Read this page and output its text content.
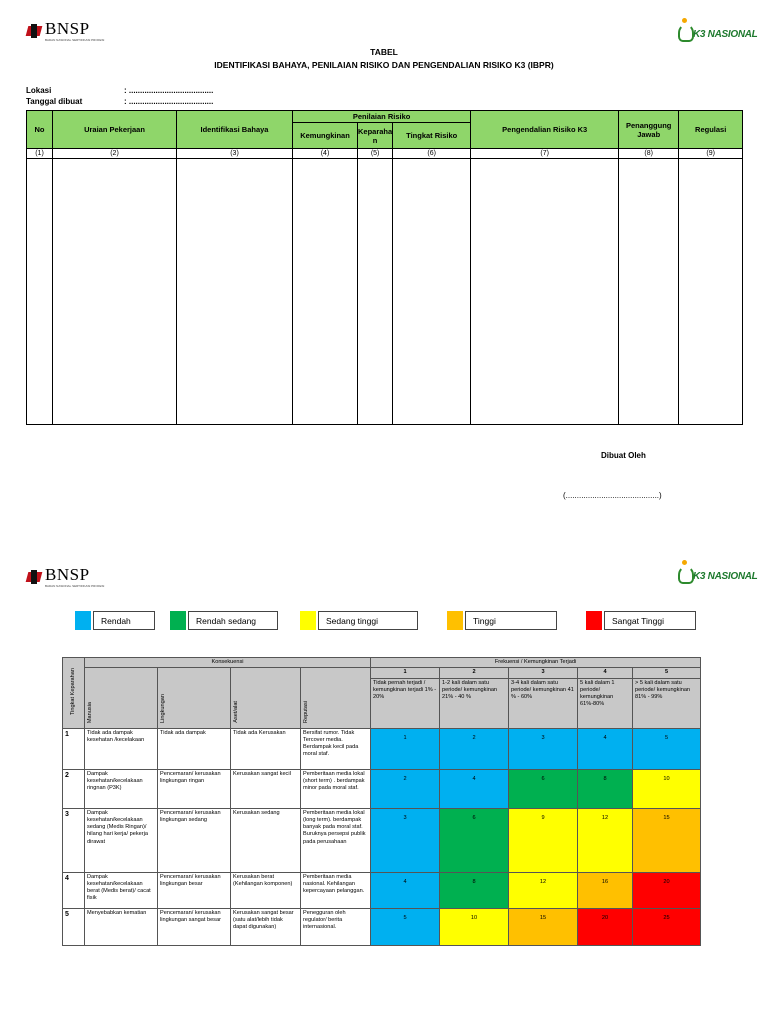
BNSP
BADAN NASIONAL SERTIFIKASI PROFESI	K3 NASIONAL
TABEL
IDENTIFIKASI BAHAYA, PENILAIAN RISIKO DAN PENGENDALIAN RISIKO K3 (IBPR)
Lokasi	: ......................................
Tanggal dibuat	: ......................................
No	Uraian Pekerjaan	Identifikasi Bahaya	Penilaian Risiko			Pengendalian Risiko K3	Penanggung Jawab	Regulasi
			Kemungkinan	Keparaha n	Tingkat Risiko			
(1)	(2)	(3)	(4)	(5)	(6)	(7)	(8)	(9)

Dibuat Oleh
(..........................................)
BNSP
BADAN NASIONAL SERTIFIKASI PROFESI
K3 NASIONAL
Rendah	Rendah sedang	Sedang tinggi	Tinggi	Sangat Tinggi
Tingkat Keparahan	Konsekuensi				Frekuensi / Kemungkinan Terjadi				
	Manusia	Lingkungan	Aset/alat	Reputasi	1	2	3	4	5
					Tidak pernah terjadi / kemungkinan terjadi 1% - 20%	1-2 kali dalam satu periode/ kemungkinan 21% - 40 %	3-4 kali dalam satu periode/ kemungkinan 41 % - 60%	5 kali dalam 1 periode/ kemungkinan 61%-80%	> 5 kali dalam satu periode/ kemungkinan 81% - 99%
1	Tidak ada dampak kesehatan /kecelakaan	Tidak ada dampak	Tidak ada Kerusakan	Bersifat rumor. Tidak Tercover media. Berdampak kecil pada moral staf.	1	2	3	4	5
2	Dampak kesehatan/kecelakaan ringnan (P3K)	Pencemaran/ kerusakan lingkungan ringan	Kerusakan sangat kecil	Pemberitaan media lokal (short term) . berdampak minor pada moral staf.	2	4	6	8	10
3	Dampak kesehatan/kecelakaan sedang (Medis Ringan)/ hilang hari kerja/ pekerja dirawat	Pencemaran/ kerusakan lingkungan sedang	Kerusakan sedang	Pemberitaan media lokal (long term). berdampak banyak pada moral staf. Buruknya persepsi publik pada perusahaan	3	6	9	12	15
4	Dampak kesehatan/kecelakaan berat (Medis berat)/ cacat fisik	Pencemaran/ kerusakan lingkungan besar	Kerusakan berat (Kehilangan komponen)	Pemberitaan media nasional. Kehilangan kepercayaan pelanggan.	4	8	12	16	20
5	Menyebabkan kematian	Pencemaran/ kerusakan lingkungan sangat besar	Kerusakan sangat besar (satu alat/lebih tidak dapat digunakan)	Penegguran oleh regulator/ berita internasional.	5	10	15	20	25
